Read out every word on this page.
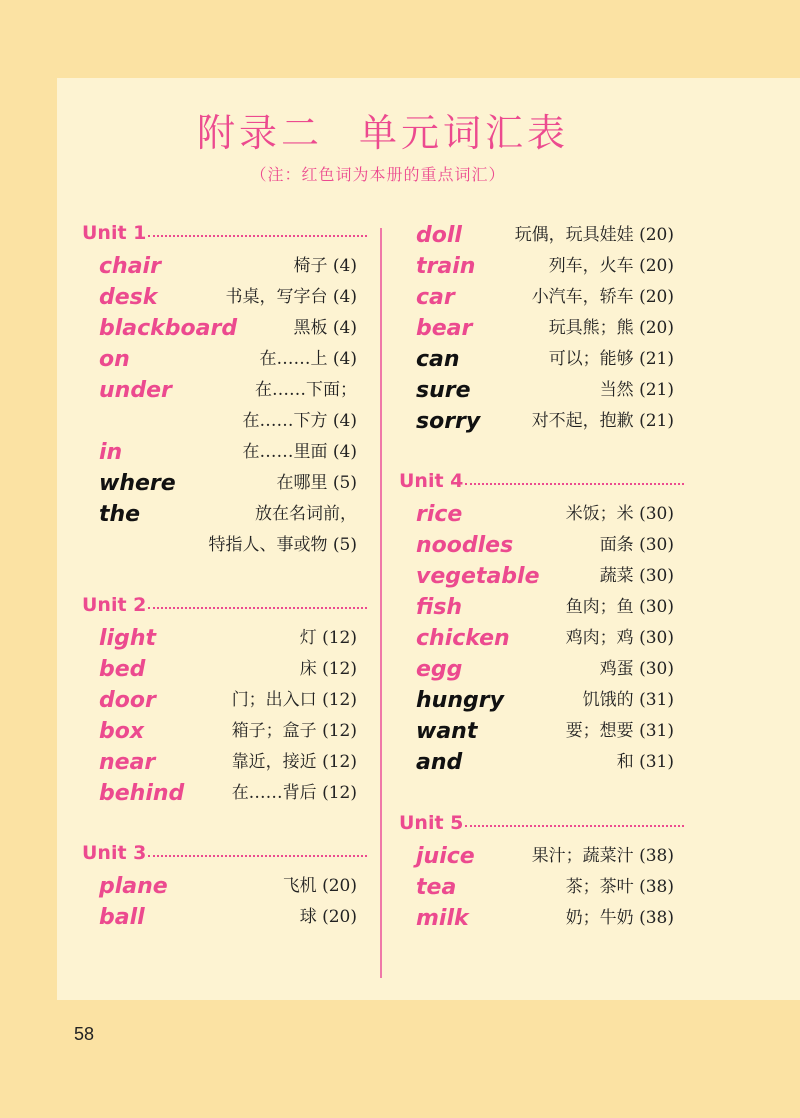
附录二 单元词汇表
（注：红色词为本册的重点词汇）
Unit 1
chair	椅子 (4)
desk	书桌，写字台 (4)
blackboard	黑板 (4)
on	在……上 (4)
under	在……下面；
在……下方 (4)
in	在……里面 (4)
where	在哪里 (5)
the	放在名词前，
特指人、事或物 (5)
Unit 2
light	灯 (12)
bed	床 (12)
door	门；出入口 (12)
box	箱子；盒子 (12)
near	靠近，接近 (12)
behind	在……背后 (12)
Unit 3
plane	飞机 (20)
ball	球 (20)
doll	玩偶，玩具娃娃 (20)
train	列车，火车 (20)
car	小汽车，轿车 (20)
bear	玩具熊；熊 (20)
can	可以；能够 (21)
sure	当然 (21)
sorry	对不起，抱歉 (21)
Unit 4
rice	米饭；米 (30)
noodles	面条 (30)
vegetable	蔬菜 (30)
fish	鱼肉；鱼 (30)
chicken	鸡肉；鸡 (30)
egg	鸡蛋 (30)
hungry	饥饿的 (31)
want	要；想要 (31)
and	和 (31)
Unit 5
juice	果汁；蔬菜汁 (38)
tea	茶；茶叶 (38)
milk	奶；牛奶 (38)
58
